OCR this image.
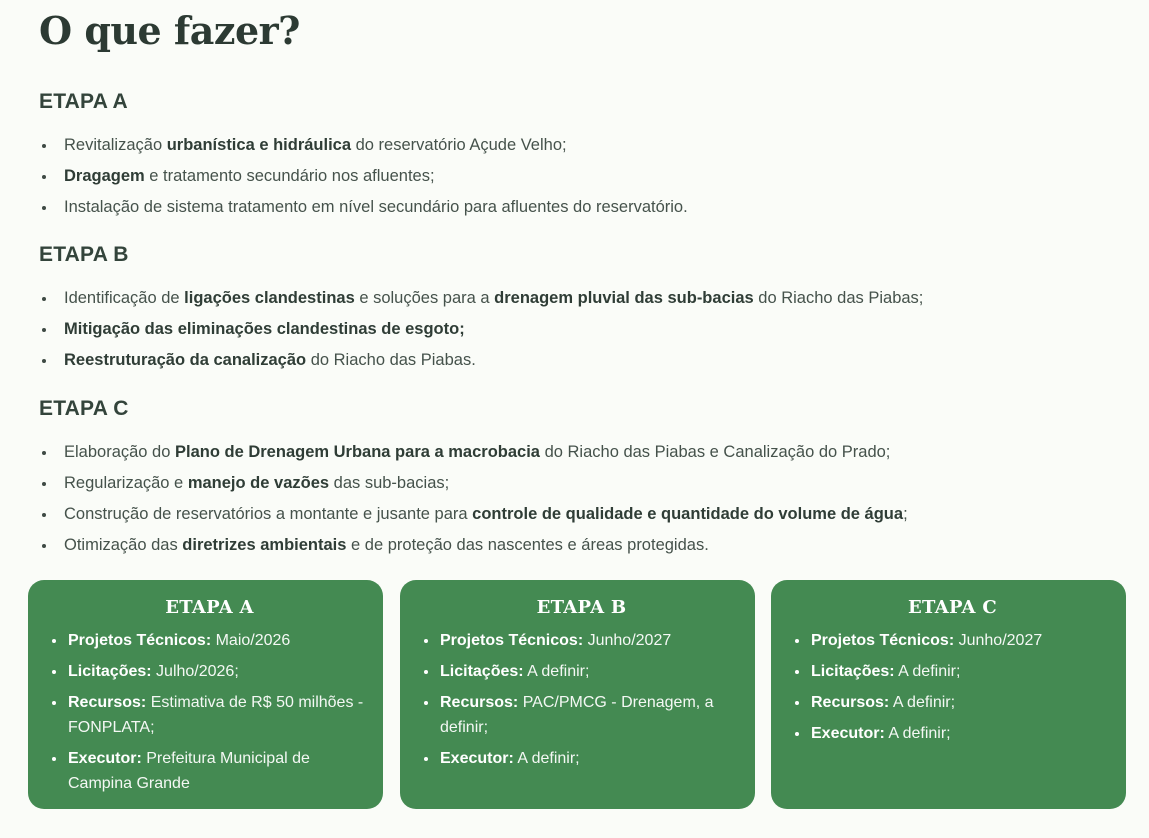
O que fazer?
ETAPA A
Revitalização urbanística e hidráulica do reservatório Açude Velho;
Dragagem e tratamento secundário nos afluentes;
Instalação de sistema tratamento em nível secundário para afluentes do reservatório.
ETAPA B
Identificação de ligações clandestinas e soluções para a drenagem pluvial das sub-bacias do Riacho das Piabas;
Mitigação das eliminações clandestinas de esgoto;
Reestruturação da canalização do Riacho das Piabas.
ETAPA C
Elaboração do Plano de Drenagem Urbana para a macrobacia do Riacho das Piabas e Canalização do Prado;
Regularização e manejo de vazões das sub-bacias;
Construção de reservatórios a montante e jusante para controle de qualidade e quantidade do volume de água;
Otimização das diretrizes ambientais e de proteção das nascentes e áreas protegidas.
ETAPA A
Projetos Técnicos: Maio/2026
Licitações: Julho/2026;
Recursos: Estimativa de R$ 50 milhões - FONPLATA;
Executor: Prefeitura Municipal de Campina Grande
ETAPA B
Projetos Técnicos: Junho/2027
Licitações: A definir;
Recursos: PAC/PMCG - Drenagem, a definir;
Executor: A definir;
ETAPA C
Projetos Técnicos: Junho/2027
Licitações: A definir;
Recursos: A definir;
Executor: A definir;
